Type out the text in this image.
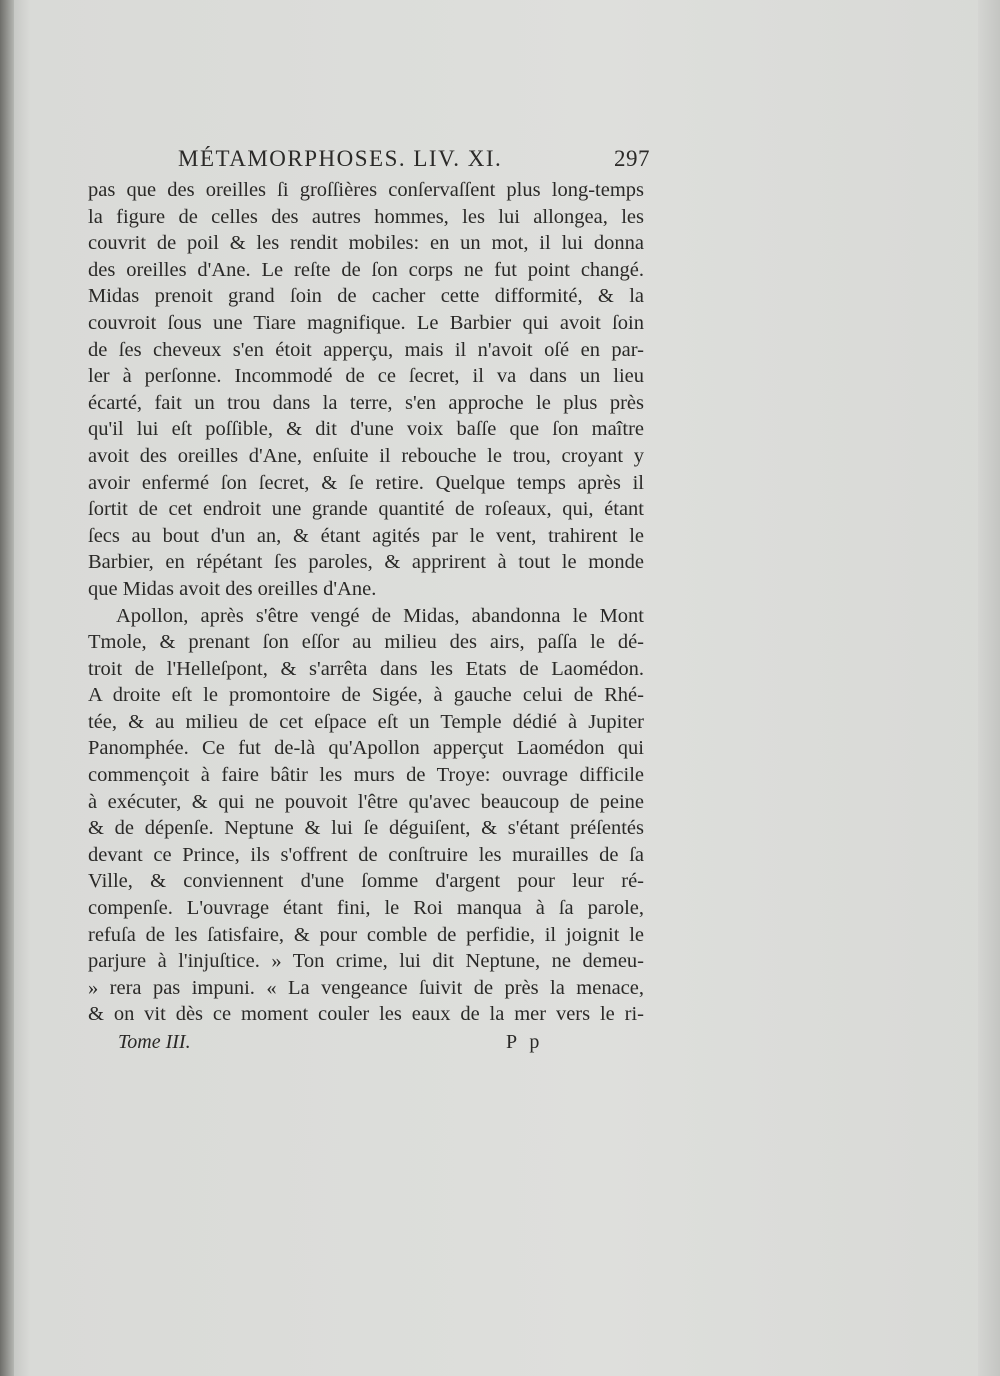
MÉTAMORPHOSES. LIV. XI.	297
pas que des oreilles ſi groſſières conſervaſſent plus long-temps
la figure de celles des autres hommes, les lui allongea, les
couvrit de poil & les rendit mobiles: en un mot, il lui donna
des oreilles d'Ane. Le reſte de ſon corps ne fut point changé.
Midas prenoit grand ſoin de cacher cette difformité, & la
couvroit ſous une Tiare magnifique. Le Barbier qui avoit ſoin
de ſes cheveux s'en étoit apperçu, mais il n'avoit oſé en par-
ler à perſonne. Incommodé de ce ſecret, il va dans un lieu
écarté, fait un trou dans la terre, s'en approche le plus près
qu'il lui eſt poſſible, & dit d'une voix baſſe que ſon maître
avoit des oreilles d'Ane, enſuite il rebouche le trou, croyant y
avoir enfermé ſon ſecret, & ſe retire. Quelque temps après il
ſortit de cet endroit une grande quantité de roſeaux, qui, étant
ſecs au bout d'un an, & étant agités par le vent, trahirent le
Barbier, en répétant ſes paroles, & apprirent à tout le monde
que Midas avoit des oreilles d'Ane.
Apollon, après s'être vengé de Midas, abandonna le Mont
Tmole, & prenant ſon eſſor au milieu des airs, paſſa le dé-
troit de l'Helleſpont, & s'arrêta dans les Etats de Laomédon.
A droite eſt le promontoire de Sigée, à gauche celui de Rhé-
tée, & au milieu de cet eſpace eſt un Temple dédié à Jupiter
Panomphée. Ce fut de-là qu'Apollon apperçut Laomédon qui
commençoit à faire bâtir les murs de Troye: ouvrage difficile
à exécuter, & qui ne pouvoit l'être qu'avec beaucoup de peine
& de dépenſe. Neptune & lui ſe déguiſent, & s'étant préſentés
devant ce Prince, ils s'offrent de conſtruire les murailles de ſa
Ville, & conviennent d'une ſomme d'argent pour leur ré-
compenſe. L'ouvrage étant fini, le Roi manqua à ſa parole,
refuſa de les ſatisfaire, & pour comble de perfidie, il joignit le
parjure à l'injuſtice. » Ton crime, lui dit Neptune, ne demeu-
» rera pas impuni. « La vengeance ſuivit de près la menace,
& on vit dès ce moment couler les eaux de la mer vers le ri-
Tome III.	P p
